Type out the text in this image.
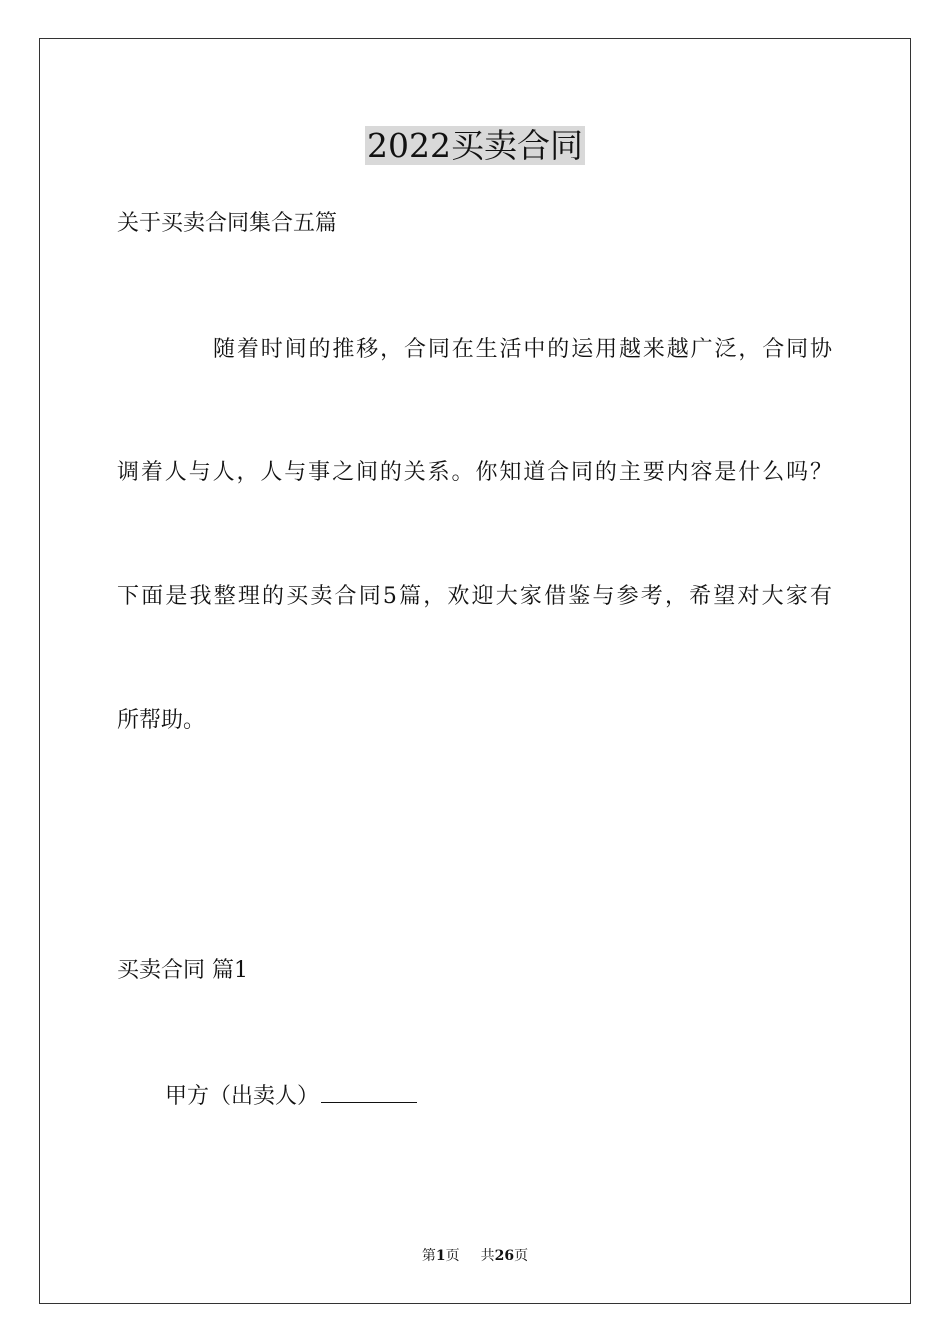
2022买卖合同
关于买卖合同集合五篇
随着时间的推移，合同在生活中的运用越来越广泛，合同协
调着人与人，人与事之间的关系。你知道合同的主要内容是什么吗？
下面是我整理的买卖合同5篇，欢迎大家借鉴与参考，希望对大家有
所帮助。
买卖合同 篇1
甲方（出卖人）
第1页 共26页
